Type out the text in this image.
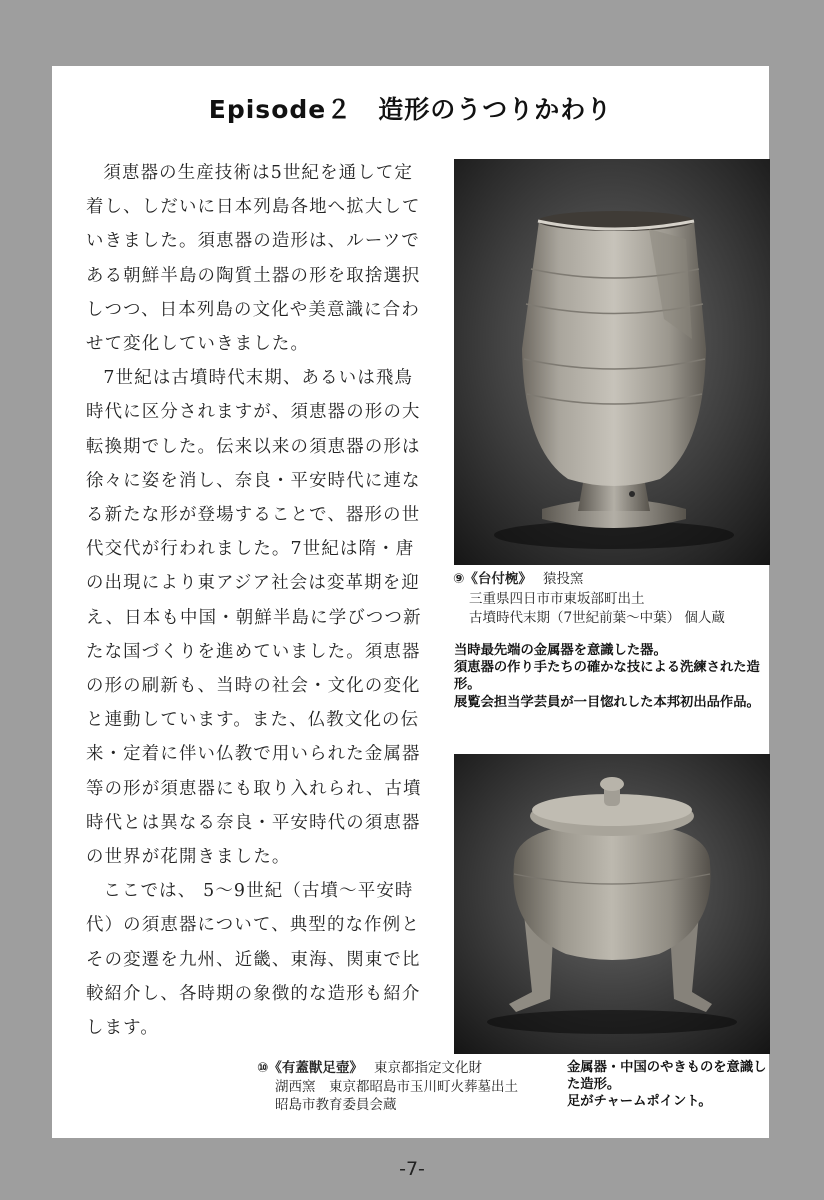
Episode２　造形のうつりかわり

須恵器の生産技術は5世紀を通して定着し、しだいに日本列島各地へ拡大していきました。須恵器の造形は、ルーツである朝鮮半島の陶質土器の形を取捨選択しつつ、日本列島の文化や美意識に合わせて変化していきました。

7世紀は古墳時代末期、あるいは飛鳥時代に区分されますが、須恵器の形の大転換期でした。伝来以来の須恵器の形は徐々に姿を消し、奈良・平安時代に連なる新たな形が登場することで、器形の世代交代が行われました。7世紀は隋・唐の出現により東アジア社会は変革期を迎え、日本も中国・朝鮮半島に学びつつ新たな国づくりを進めていました。須恵器の形の刷新も、当時の社会・文化の変化と連動しています。また、仏教文化の伝来・定着に伴い仏教で用いられた金属器等の形が須恵器にも取り入れられ、古墳時代とは異なる奈良・平安時代の須恵器の世界が花開きました。

ここでは、 5～9世紀（古墳～平安時代）の須恵器について、典型的な作例とその変遷を九州、近畿、東海、関東で比較紹介し、各時期の象徴的な造形も紹介します。

⑨《台付椀》　 猿投窯
三重県四日市市東坂部町出土
古墳時代末期（7世紀前葉～中葉） 個人蔵
当時最先端の金属器を意識した器。
須恵器の作り手たちの確かな技による洗練された造形。
展覧会担当学芸員が一目惚れした本邦初出品作品。
⑩《有蓋獣足壺》　 東京都指定文化財
湖西窯　東京都昭島市玉川町火葬墓出土
昭島市教育委員会蔵
金属器・中国のやきものを意識した造形。
足がチャームポイント。
-7-
